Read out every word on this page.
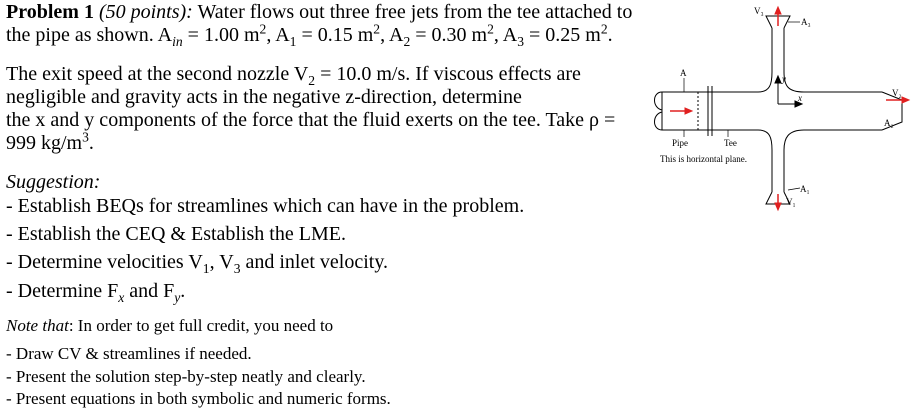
Problem 1 (50 points): Water flows out three free jets from the tee attached to
the pipe as shown. $A_{in} = 1.00$ $m^2$, $A_1 = 0.15$ $m^2$, $A_2 = 0.30$ $m^2$, $A_3 = 0.25$ $m^2$.
The exit speed at the second nozzle $V_2 = 10.0$ m/s. If viscous effects are
negligible and gravity acts in the negative z-direction, determine
the x and y components of the force that the fluid exerts on the tee. Take ρ =
999 $kg/m^3$.
Suggestion:
- Establish BEQs for streamlines which can have in the problem.
- Establish the CEQ & Establish the LME.
- Determine velocities $V_1$, $V_3$ and inlet velocity.
- Determine $F_x$ and $F_y$.
Note that: In order to get full credit, you need to
- Draw CV & streamlines if needed.
- Present the solution step-by-step neatly and clearly.
- Present equations in both symbolic and numeric forms.
V₃
A₃
A
y
x	V₂
A₂
Pipe	Tee
This is horizontal plane.
A₁
V₁
